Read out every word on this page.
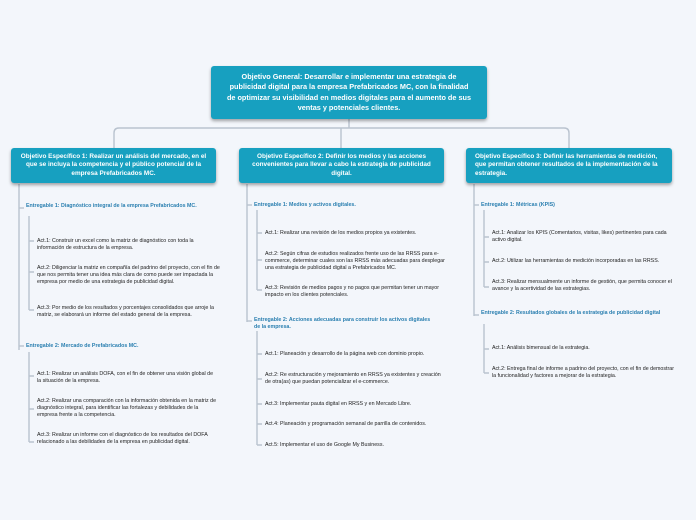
Objetivo General: Desarrollar e implementar una estrategia de publicidad digital para la empresa Prefabricados MC, con la finalidad de optimizar su visibilidad en medios digitales para el aumento de sus ventas y potenciales clientes.
Objetivo Específico 1: Realizar un análisis del mercado, en el que se incluya la competencia y el público potencial de la empresa Prefabricados MC.
Objetivo Específico 2: Definir los medios y las acciones convenientes para llevar a cabo la estrategia de publicidad digital.
Objetivo Específico 3: Definir las herramientas de medición, que permitan obtener resultados de la implementación de la estrategia.
Entregable 1: Diagnóstico integral de la empresa Prefabricados MC.
Act.1: Construir un excel como la matriz de diagnóstico con toda la información de estructura de la empresa.
Act.2: Diligenciar la matriz en compañía del padrino del proyecto, con el fin de que nos permita tener una idea más clara de como puede ser impactada la empresa por medio de una estrategia de publicidad digital.
Act.3: Por medio de los resultados y porcentajes consolidados que arroje la matriz, se elaborará un informe del estado general de la empresa.
Entregable 2: Mercado de Prefabricados MC.
Act.1: Realizar un análisis DOFA, con el fin de obtener una visión global de la situación de la empresa.
Act.2: Realizar una comparación con la información obtenida en la matriz de diagnóstico integral, para identificar las fortalezas y debilidades de la empresa frente a la competencia.
Act.3: Realizar un informe con el diagnóstico de los resultados del DOFA relacionado a las debilidades de la empresa en publicidad digital.
Entregable 1: Medios y activos digitales.
Act.1: Realizar una revisión de los medios propios ya existentes.
Act.2: Según cifras de estudios realizados frente uso de las RRSS para e-commerce, determinar cuales son las RRSS más adecuadas para desplegar una estrategia de publicidad digital a Prefabricados MC.
Act.3: Revisión de medios pagos y no pagos que permitan tener un mayor impacto en los clientes potenciales.
Entregable 2: Acciones adecuadas para construir los activos digitales de la empresa.
Act.1: Planeación y desarrollo de la página web con dominio propio.
Act.2: Re estructuración y mejoramiento en RRSS ya existentes y creación de otra(as) que puedan potencializar el e-commerce.
Act.3: Implementar pauta digital en RRSS y en Mercado Libre.
Act.4: Planeación y programación semanal de parrilla de contenidos.
Act.5: Implementar el uso de Google My Business.
Entregable 1: Métricas (KPIS)
Act.1: Analizar los KPIS (Comentarios, visitas, likes) pertinentes para cada activo digital.
Act.2: Utilizar las herramientas de medición incorporadas en las RRSS.
Act.3: Realizar mensualmente un informe de gestión, que permita conocer el avance y la acertividad de las estrategias.
Entregable 2: Resultados globales de la estrategia de publicidad digital
Act.1: Análisis bimensual de la estrategia.
Act.2: Entrega final de informe a padrino del proyecto, con el fin de demostrar la funcionalidad y factores a mejorar de la estrategia.
